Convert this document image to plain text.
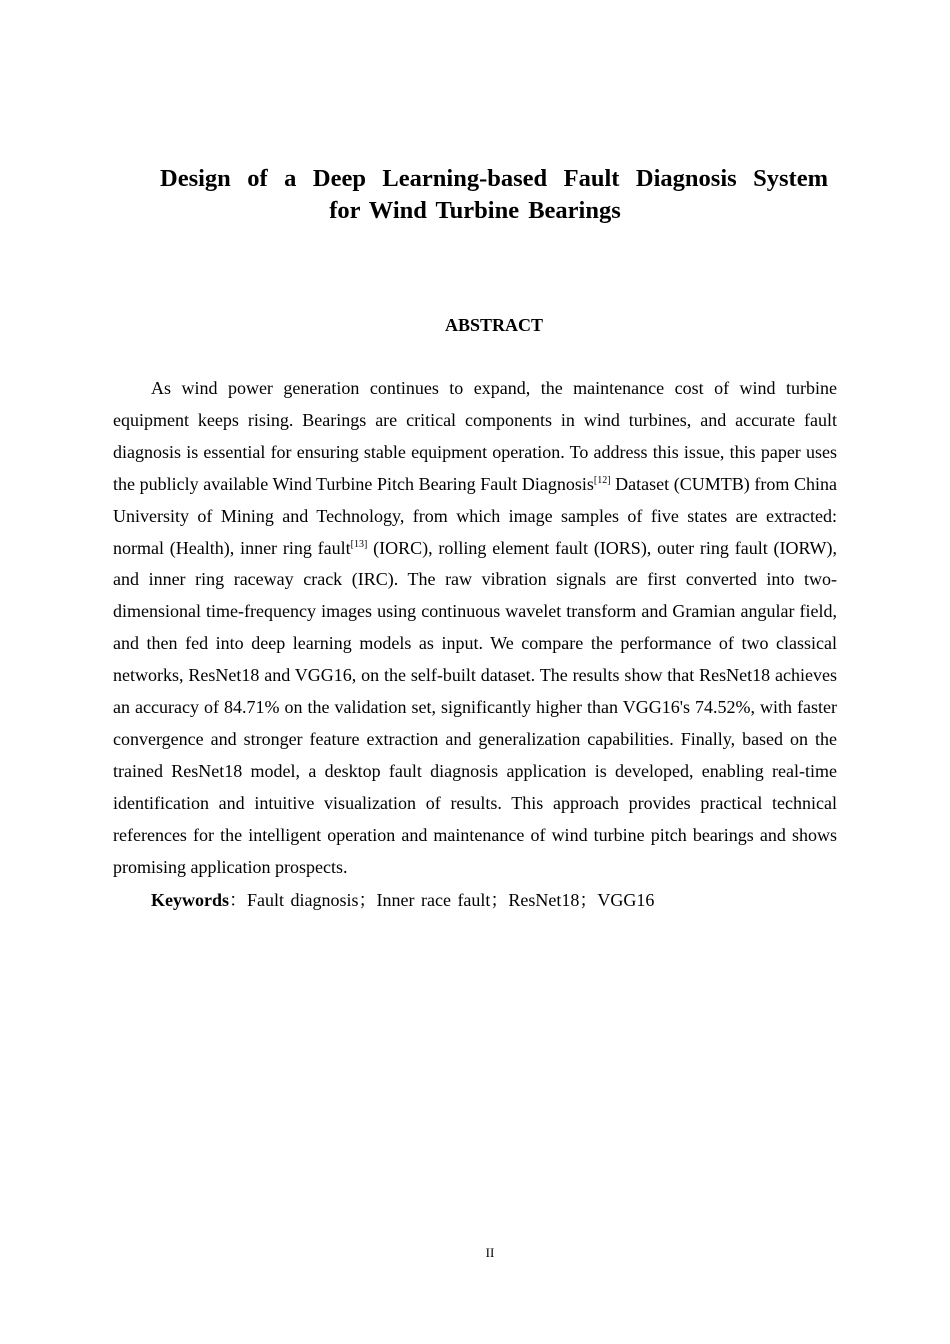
Design of a Deep Learning-based Fault Diagnosis System
for Wind Turbine Bearings
ABSTRACT

As wind power generation continues to expand, the maintenance cost of wind turbine equipment keeps rising. Bearings are critical components in wind turbines, and accurate fault diagnosis is essential for ensuring stable equipment operation. To address this issue, this paper uses the publicly available Wind Turbine Pitch Bearing Fault Diagnosis[12] Dataset (CUMTB) from China University of Mining and Technology, from which image samples of five states are extracted: normal (Health), inner ring fault[13] (IORC), rolling element fault (IORS), outer ring fault (IORW), and inner ring raceway crack (IRC). The raw vibration signals are first converted into two-dimensional time-frequency images using continuous wavelet transform and Gramian angular field, and then fed into deep learning models as input. We compare the performance of two classical networks, ResNet18 and VGG16, on the self-built dataset. The results show that ResNet18 achieves an accuracy of 84.71% on the validation set, significantly higher than VGG16's 74.52%, with faster convergence and stronger feature extraction and generalization capabilities. Finally, based on the trained ResNet18 model, a desktop fault diagnosis application is developed, enabling real-time identification and intuitive visualization of results. This approach provides practical technical references for the intelligent operation and maintenance of wind turbine pitch bearings and shows promising application prospects.

Keywords：Fault diagnosis；Inner race fault；ResNet18；VGG16

II
